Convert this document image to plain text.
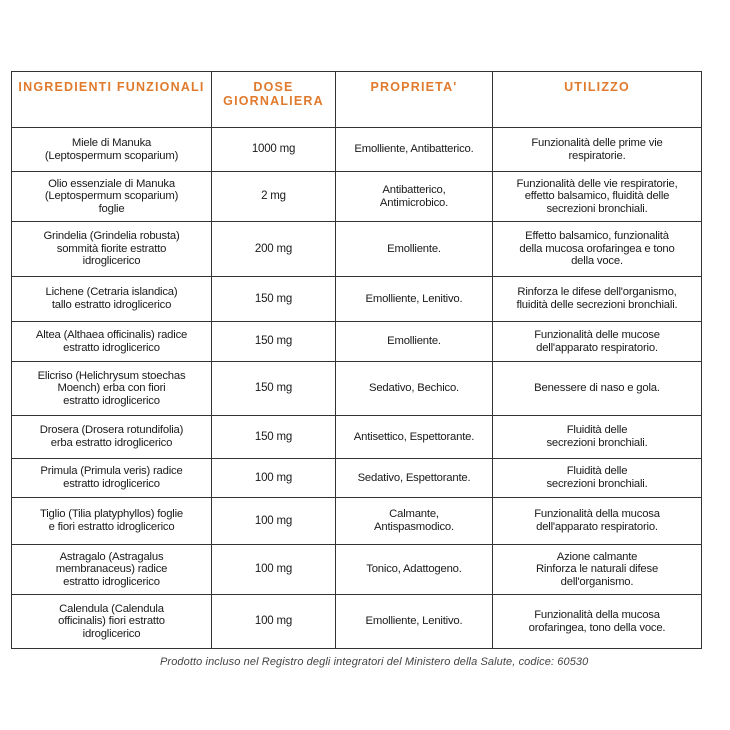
INGREDIENTI FUNZIONALI	DOSE GIORNALIERA	PROPRIETA'	UTILIZZO

Miele di Manuka
(Leptospermum scoparium)	1000 mg	Emolliente, Antibatterico.	Funzionalità delle prime vie
respiratorie.

Olio essenziale di Manuka
(Leptospermum scoparium)
foglie	2 mg	Antibatterico,
Antimicrobico.	Funzionalità delle vie respiratorie,
effetto balsamico, fluidità delle
secrezioni bronchiali.

Grindelia (Grindelia robusta)
sommità fiorite estratto
idroglicerico	200 mg	Emolliente.	Effetto balsamico, funzionalità
della mucosa orofaringea e tono
della voce.

Lichene (Cetraria islandica)
tallo estratto idroglicerico	150 mg	Emolliente, Lenitivo.	Rinforza le difese dell'organismo,
fluidità delle secrezioni bronchiali.

Altea (Althaea officinalis) radice
estratto idroglicerico	150 mg	Emolliente.	Funzionalità delle mucose
dell'apparato respiratorio.

Elicriso (Helichrysum stoechas
Moench) erba con fiori
estratto idroglicerico	150 mg	Sedativo, Bechico.	Benessere di naso e gola.

Drosera (Drosera rotundifolia)
erba estratto idroglicerico	150 mg	Antisettico, Espettorante.	Fluidità delle
secrezioni bronchiali.

Primula (Primula veris) radice
estratto idroglicerico	100 mg	Sedativo, Espettorante.	Fluidità delle
secrezioni bronchiali.

Tiglio (Tilia platyphyllos) foglie
e fiori estratto idroglicerico	100 mg	Calmante,
Antispasmodico.	Funzionalità della mucosa
dell'apparato respiratorio.

Astragalo (Astragalus
membranaceus) radice
estratto idroglicerico	100 mg	Tonico, Adattogeno.	Azione calmante
Rinforza le naturali difese
dell'organismo.

Calendula (Calendula
officinalis) fiori estratto
idroglicerico	100 mg	Emolliente, Lenitivo.	Funzionalità della mucosa
orofaringea, tono della voce.
Prodotto incluso nel Registro degli integratori del Ministero della Salute, codice: 60530
